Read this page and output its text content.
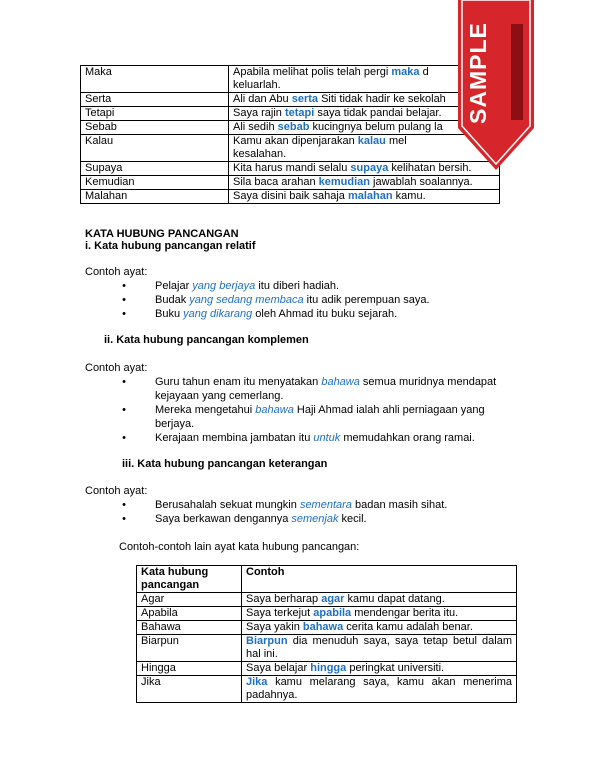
Maka	Apabila melihat polis telah pergi maka d
keluarlah.
Serta	Ali dan Abu serta Siti tidak hadir ke sekolah
Tetapi	Saya rajin tetapi saya tidak pandai belajar.
Sebab	Ali sedih sebab kucingnya belum pulang la
Kalau	Kamu akan dipenjarakan kalau mel
kesalahan.
Supaya	Kita harus mandi selalu supaya kelihatan bersih.
Kemudian	Sila baca arahan kemudian jawablah soalannya.
Malahan	Saya disini baik sahaja malahan kamu.
KATA HUBUNG PANCANGAN
i. Kata hubung pancangan relatif
Contoh ayat:
•	Pelajar yang berjaya itu diberi hadiah.
•	Budak yang sedang membaca itu adik perempuan saya.
•	Buku yang dikarang oleh Ahmad itu buku sejarah.
ii. Kata hubung pancangan komplemen
Contoh ayat:
•	Guru tahun enam itu menyatakan bahawa semua muridnya mendapat kejayaan yang cemerlang.
•	Mereka mengetahui bahawa Haji Ahmad ialah ahli perniagaan yang berjaya.
•	Kerajaan membina jambatan itu untuk memudahkan orang ramai.
iii. Kata hubung pancangan keterangan
Contoh ayat:
•	Berusahalah sekuat mungkin sementara badan masih sihat.
•	Saya berkawan dengannya semenjak kecil.
Contoh-contoh lain ayat kata hubung pancangan:
Kata hubung pancangan	Contoh
Agar	Saya berharap agar kamu dapat datang.
Apabila	Saya terkejut apabila mendengar berita itu.
Bahawa	Saya yakin bahawa cerita kamu adalah benar.
Biarpun	Biarpun dia menuduh saya, saya tetap betul dalam hal ini.
Hingga	Saya belajar hingga peringkat universiti.
Jika	Jika kamu melarang saya, kamu akan menerima padahnya.
SAMPLE
